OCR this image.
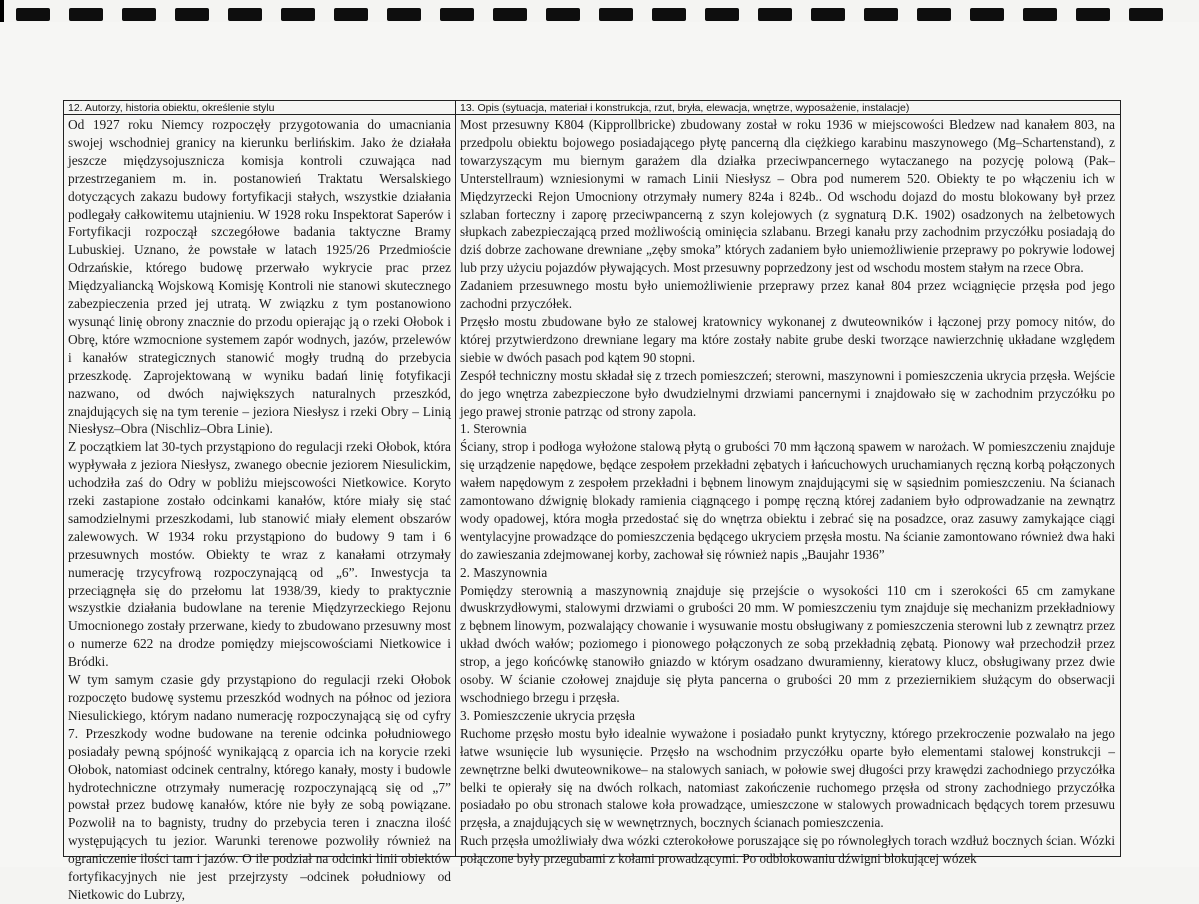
12. Autorzy, historia obiektu, określenie stylu

Od 1927 roku Niemcy rozpoczęły przygotowania do umacniania swojej wschodniej granicy na kierunku berlińskim. Jako że działała jeszcze międzysojusznicza komisja kontroli czuwająca nad przestrzeganiem m. in. postanowień Traktatu Wersalskiego dotyczących zakazu budowy fortyfikacji stałych, wszystkie działania podlegały całkowitemu utajnieniu. W 1928 roku Inspektorat Saperów i Fortyfikacji rozpoczął szczegółowe badania taktyczne Bramy Lubuskiej. Uznano, że powstałe w latach 1925/26 Przedmioście Odrzańskie, którego budowę przerwało wykrycie prac przez Międzyaliancką Wojskową Komisję Kontroli nie stanowi skutecznego zabezpieczenia przed jej utratą. W związku z tym postanowiono wysunąć linię obrony znacznie do przodu opierając ją o rzeki Ołobok i Obrę, które wzmocnione systemem zapór wodnych, jazów, przelewów i kanałów strategicznych stanowić mogły trudną do przebycia przeszkodę. Zaprojektowaną w wyniku badań linię fotyfikacji nazwano, od dwóch największych naturalnych przeszkód, znajdujących się na tym terenie – jeziora Niesłysz i rzeki Obry – Linią Niesłysz–Obra (Nischliz–Obra Linie).

Z początkiem lat 30-tych przystąpiono do regulacji rzeki Ołobok, która wypływała z jeziora Niesłysz, zwanego obecnie jeziorem Niesulickim, uchodziła zaś do Odry w pobliżu miejscowości Nietkowice. Koryto rzeki zastapione zostało odcinkami kanałów, które miały się stać samodzielnymi przeszkodami, lub stanowić miały element obszarów zalewowych. W 1934 roku przystąpiono do budowy 9 tam i 6 przesuwnych mostów. Obiekty te wraz z kanałami otrzymały numerację trzycyfrową rozpoczynającą od „6”. Inwestycja ta przeciągnęła się do przełomu lat 1938/39, kiedy to praktycznie wszystkie działania budowlane na terenie Międzyrzeckiego Rejonu Umocnionego zostały przerwane, kiedy to zbudowano przesuwny most o numerze 622 na drodze pomiędzy miejscowościami Nietkowice i Bródki.

W tym samym czasie gdy przystąpiono do regulacji rzeki Ołobok rozpoczęto budowę systemu przeszkód wodnych na północ od jeziora Niesulickiego, którym nadano numerację rozpoczynającą się od cyfry 7. Przeszkody wodne budowane na terenie odcinka południowego posiadały pewną spójność wynikającą z oparcia ich na korycie rzeki Ołobok, natomiast odcinek centralny, którego kanały, mosty i budowle hydrotechniczne otrzymały numerację rozpoczynającą się od „7” powstał przez budowę kanałów, które nie były ze sobą powiązane. Pozwolił na to bagnisty, trudny do przebycia teren i znaczna ilość występujących tu jezior. Warunki terenowe pozwoliły również na ograniczenie ilości tam i jazów. O ile podział na odcinki linii obiektów fortyfikacyjnych nie jest przejrzysty –odcinek południowy od Nietkowic do Lubrzy,

13. Opis (sytuacja, materiał i konstrukcja, rzut, bryła, elewacja, wnętrze, wyposażenie, instalacje)

Most przesuwny K804 (Kipprollbricke) zbudowany został w roku 1936 w miejscowości Bledzew nad kanałem 803, na przedpolu obiektu bojowego posiadającego płytę pancerną dla ciężkiego karabinu maszynowego (Mg–Schartenstand), z towarzyszącym mu biernym garażem dla działka przeciwpancernego wytaczanego na pozycję polową (Pak–Unterstellraum) wzniesionymi w ramach Linii Niesłysz – Obra pod numerem 520. Obiekty te po włączeniu ich w Międzyrzecki Rejon Umocniony otrzymały numery 824a i 824b.. Od wschodu dojazd do mostu blokowany był przez szlaban forteczny i zaporę przeciwpancerną z szyn kolejowych (z sygnaturą D.K. 1902) osadzonych na żelbetowych słupkach zabezpieczającą przed możliwością ominięcia szlabanu. Brzegi kanału przy zachodnim przyczółku posiadają do dziś dobrze zachowane drewniane „zęby smoka” których zadaniem było uniemożliwienie przeprawy po pokrywie lodowej lub przy użyciu pojazdów pływających. Most przesuwny poprzedzony jest od wschodu mostem stałym na rzece Obra.

Zadaniem przesuwnego mostu było uniemożliwienie przeprawy przez kanał 804 przez wciągnięcie przęsła pod jego zachodni przyczółek.

Przęsło mostu zbudowane było ze stalowej kratownicy wykonanej z dwuteowników i łączonej przy pomocy nitów, do której przytwierdzono drewniane legary ma które zostały nabite grube deski tworzące nawierzchnię układane względem siebie w dwóch pasach pod kątem 90 stopni.

Zespół techniczny mostu składał się z trzech pomieszczeń; sterowni, maszynowni i pomieszczenia ukrycia przęsła. Wejście do jego wnętrza zabezpieczone było dwudzielnymi drzwiami pancernymi i znajdowało się w zachodnim przyczółku po jego prawej stronie patrząc od strony zapola.

1. Sterownia

Ściany, strop i podłoga wyłożone stalową płytą o grubości 70 mm łączoną spawem w narożach. W pomieszczeniu znajduje się urządzenie napędowe, będące zespołem przekładni zębatych i łańcuchowych uruchamianych ręczną korbą połączonych wałem napędowym z zespołem przekładni i bębnem linowym znajdującymi się w sąsiednim pomieszczeniu. Na ścianach zamontowano dźwignię blokady ramienia ciągnącego i pompę ręczną której zadaniem było odprowadzanie na zewnątrz wody opadowej, która mogła przedostać się do wnętrza obiektu i zebrać się na posadzce, oraz zasuwy zamykające ciągi wentylacyjne prowadzące do pomieszczenia będącego ukryciem przęsła mostu. Na ścianie zamontowano również dwa haki do zawieszania zdejmowanej korby, zachował się również napis „Baujahr 1936”

2. Maszynownia

Pomiędzy sterownią a maszynownią znajduje się przejście o wysokości 110 cm i szerokości 65 cm zamykane dwuskrzydłowymi, stalowymi drzwiami o grubości 20 mm. W pomieszczeniu tym znajduje się mechanizm przekładniowy z bębnem linowym, pozwalający chowanie i wysuwanie mostu obsługiwany z pomieszczenia sterowni lub z zewnątrz przez układ dwóch wałów; poziomego i pionowego połączonych ze sobą przekładnią zębatą. Pionowy wał przechodził przez strop, a jego końcówkę stanowiło gniazdo w którym osadzano dwuramienny, kieratowy klucz, obsługiwany przez dwie osoby. W ścianie czołowej znajduje się płyta pancerna o grubości 20 mm z przeziernikiem służącym do obserwacji wschodniego brzegu i przęsła.

3. Pomieszczenie ukrycia przęsła

Ruchome przęsło mostu było idealnie wyważone i posiadało punkt krytyczny, którego przekroczenie pozwalało na jego łatwe wsunięcie lub wysunięcie. Przęsło na wschodnim przyczółku oparte było elementami stalowej konstrukcji – zewnętrzne belki dwuteownikowe– na stalowych saniach, w połowie swej długości przy krawędzi zachodniego przyczółka belki te opierały się na dwóch rolkach, natomiast zakończenie ruchomego przęsła od strony zachodniego przyczółka posiadało po obu stronach stalowe koła prowadzące, umieszczone w stalowych prowadnicach będących torem przesuwu przęsła, a znajdujących się w wewnętrznych, bocznych ścianach pomieszczenia.

Ruch przęsła umożliwiały dwa wózki czterokołowe poruszające się po równoległych torach wzdłuż bocznych ścian. Wózki połączone były przegubami z kołami prowadzącymi. Po odblokowaniu dźwigni blokującej wózek
